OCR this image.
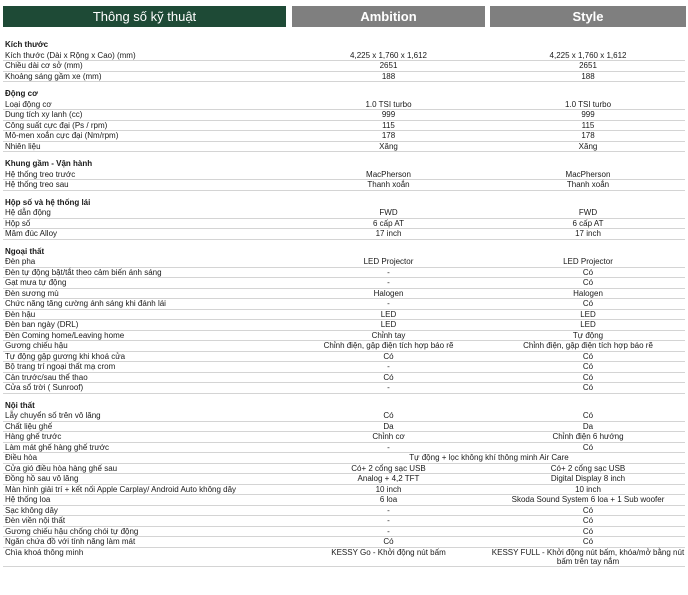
Thông số kỹ thuật	Ambition	Style
Kích thước
Kích thước (Dài x Rộng x Cao) (mm)	4,225 x 1,760 x 1,612	4,225 x 1,760 x 1,612
Chiều dài cơ sở (mm)	2651	2651
Khoảng sáng gầm xe (mm)	188	188
Động cơ
Loại động cơ	1.0 TSI turbo	1.0 TSI turbo
Dung tích xy lanh (cc)	999	999
Công suất cực đại (Ps / rpm)	115	115
Mô-men xoắn cực đại (Nm/rpm)	178	178
Nhiên liệu	Xăng	Xăng
Khung gầm - Vận hành
Hệ thống treo trước	MacPherson	MacPherson
Hệ thống treo sau	Thanh xoắn	Thanh xoắn
Hộp số và hệ thống lái
Hệ dẫn động	FWD	FWD
Hộp số	6 cấp AT	6 cấp AT
Mâm đúc Alloy	17 inch	17 inch
Ngoại thất
Đèn pha	LED Projector	LED Projector
Đèn tự động bật/tắt theo cảm biến ánh sáng	-	Có
Gạt mưa tự động	-	Có
Đèn sương mù	Halogen	Halogen
Chức năng tăng cường ánh sáng khi đánh lái	-	Có
Đèn hậu	LED	LED
Đèn ban ngày (DRL)	LED	LED
Đèn Coming home/Leaving home	Chỉnh tay	Tự động
Gương chiếu hậu	Chỉnh điện, gập điện tích hợp báo rẽ	Chỉnh điện, gập điện tích hợp báo rẽ
Tự động gập gương khi khoá cửa	Có	Có
Bộ trang trí ngoại thất mạ crom	-	Có
Cản trước/sau thể thao	Có	Có
Cửa sổ trời ( Sunroof)	-	Có
Nội thất
Lẫy chuyển số trên vô lăng	Có	Có
Chất liệu ghế	Da	Da
Hàng ghế trước	Chỉnh cơ	Chỉnh điện 6 hướng
Làm mát ghế hàng ghế trước	-	Có
Điều hòa	Tự động + lọc không khí thông minh Air Care
Cửa gió điều hòa hàng ghế sau	Có+ 2 cổng sạc USB	Có+ 2 cổng sạc USB
Đồng hồ sau vô lăng	Analog + 4,2 TFT	Digital Display 8 inch
Màn hình giải trí + kết nối Apple Carplay/ Android Auto không dây	10 inch	10 inch
Hệ thống loa	6 loa	Skoda Sound System 6 loa + 1 Sub woofer
Sạc không dây	-	Có
Đèn viền nội thất	-	Có
Gương chiếu hậu chống chói tự động	-	Có
Ngăn chứa đồ với tính năng làm mát	Có	Có
Chìa khoá thông minh	KESSY Go - Khởi động nút bấm	KESSY FULL - Khởi động nút bấm, khóa/mở bằng nút bấm trên tay nắm
